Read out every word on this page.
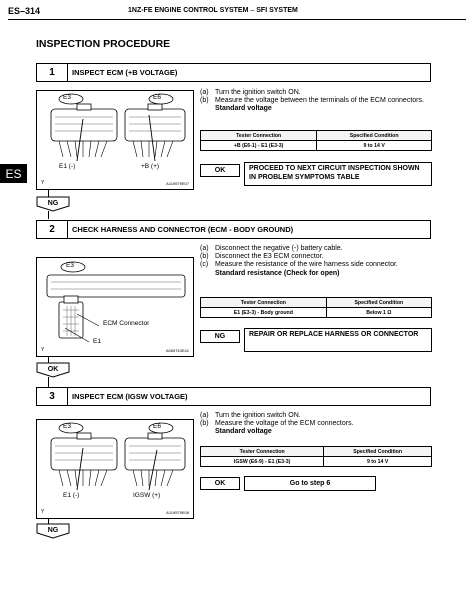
ES–314	1NZ-FE ENGINE CONTROL SYSTEM – SFI SYSTEM
ES
INSPECTION PROCEDURE
1	INSPECT ECM (+B VOLTAGE)
E3	E6
E1 (-)	+B (+)
Y	A119579E07
(a) Turn the ignition switch ON.
(b) Measure the voltage between the terminals of the ECM connectors.
Standard voltage
Tester Connection	Specified Condition
+B (E6-1) - E1 (E3-3)	9 to 14 V
OK	PROCEED TO NEXT CIRCUIT INSPECTION SHOWN IN PROBLEM SYMPTOMS TABLE
NG
2	CHECK HARNESS AND CONNECTOR (ECM - BODY GROUND)
E3
ECM Connector
E1
Y	A065743E41
(a) Disconnect the negative (-) battery cable.
(b) Disconnect the E3 ECM connector.
(c) Measure the resistance of the wire harness side connector.
Standard resistance (Check for open)
Tester Connection	Specified Condition
E1 (E3-3) - Body ground	Below 1 Ω
NG	REPAIR OR REPLACE HARNESS OR CONNECTOR
OK
3	INSPECT ECM (IGSW VOLTAGE)
E3	E6
E1 (-)	IGSW (+)
Y	A119579E08
(a) Turn the ignition switch ON.
(b) Measure the voltage of the ECM connectors.
Standard voltage
Tester Connection	Specified Condition
IGSW (E6-9) - E1 (E3-3)	9 to 14 V
OK	Go to step 6
NG
